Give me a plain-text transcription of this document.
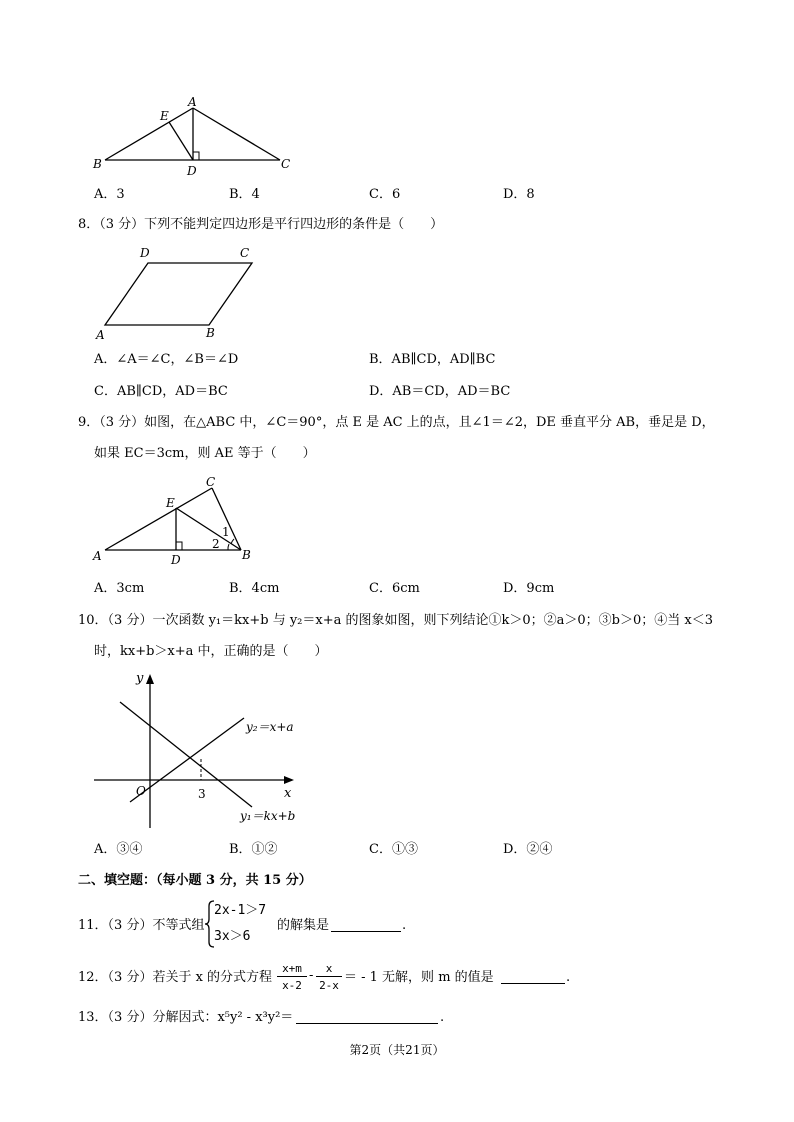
A
E
B	D	C
A．3	B．4	C．6	D．8
8．（3 分）下列不能判定四边形是平行四边形的条件是（　　）
D	C
A	B
A．∠A＝∠C，∠B＝∠D	B．AB∥CD，AD∥BC
C．AB∥CD，AD＝BC	D．AB＝CD，AD＝BC
9．（3 分）如图，在△ABC 中，∠C＝90°，点 E 是 AC 上的点，且∠1＝∠2，DE 垂直平分 AB，垂足是 D，
如果 EC＝3cm，则 AE 等于（　　）
C
E
A	D	B
1
2
A．3cm	B．4cm	C．6cm	D．9cm
10．（3 分）一次函数 y₁＝kx+b 与 y₂＝x+a 的图象如图，则下列结论①k＞0；②a＞0；③b＞0；④当 x＜3
时，kx+b＞x+a 中，正确的是（　　）
y
x
O	3
y₂＝x+a
y₁＝kx+b
A．③④	B．①②	C．①③	D．②④
二、填空题：（每小题 3 分，共 15 分）
11．（3 分）不等式组
2x-1＞7
3x＞6
的解集是	.
12．（3 分）若关于 x 的分式方程
x+m
x-2
-	x
2-x
＝ - 1 无解，则 m 的值是	.
13．（3 分）分解因式：x⁵y² - x³y²＝	.
第2页（共21页）
